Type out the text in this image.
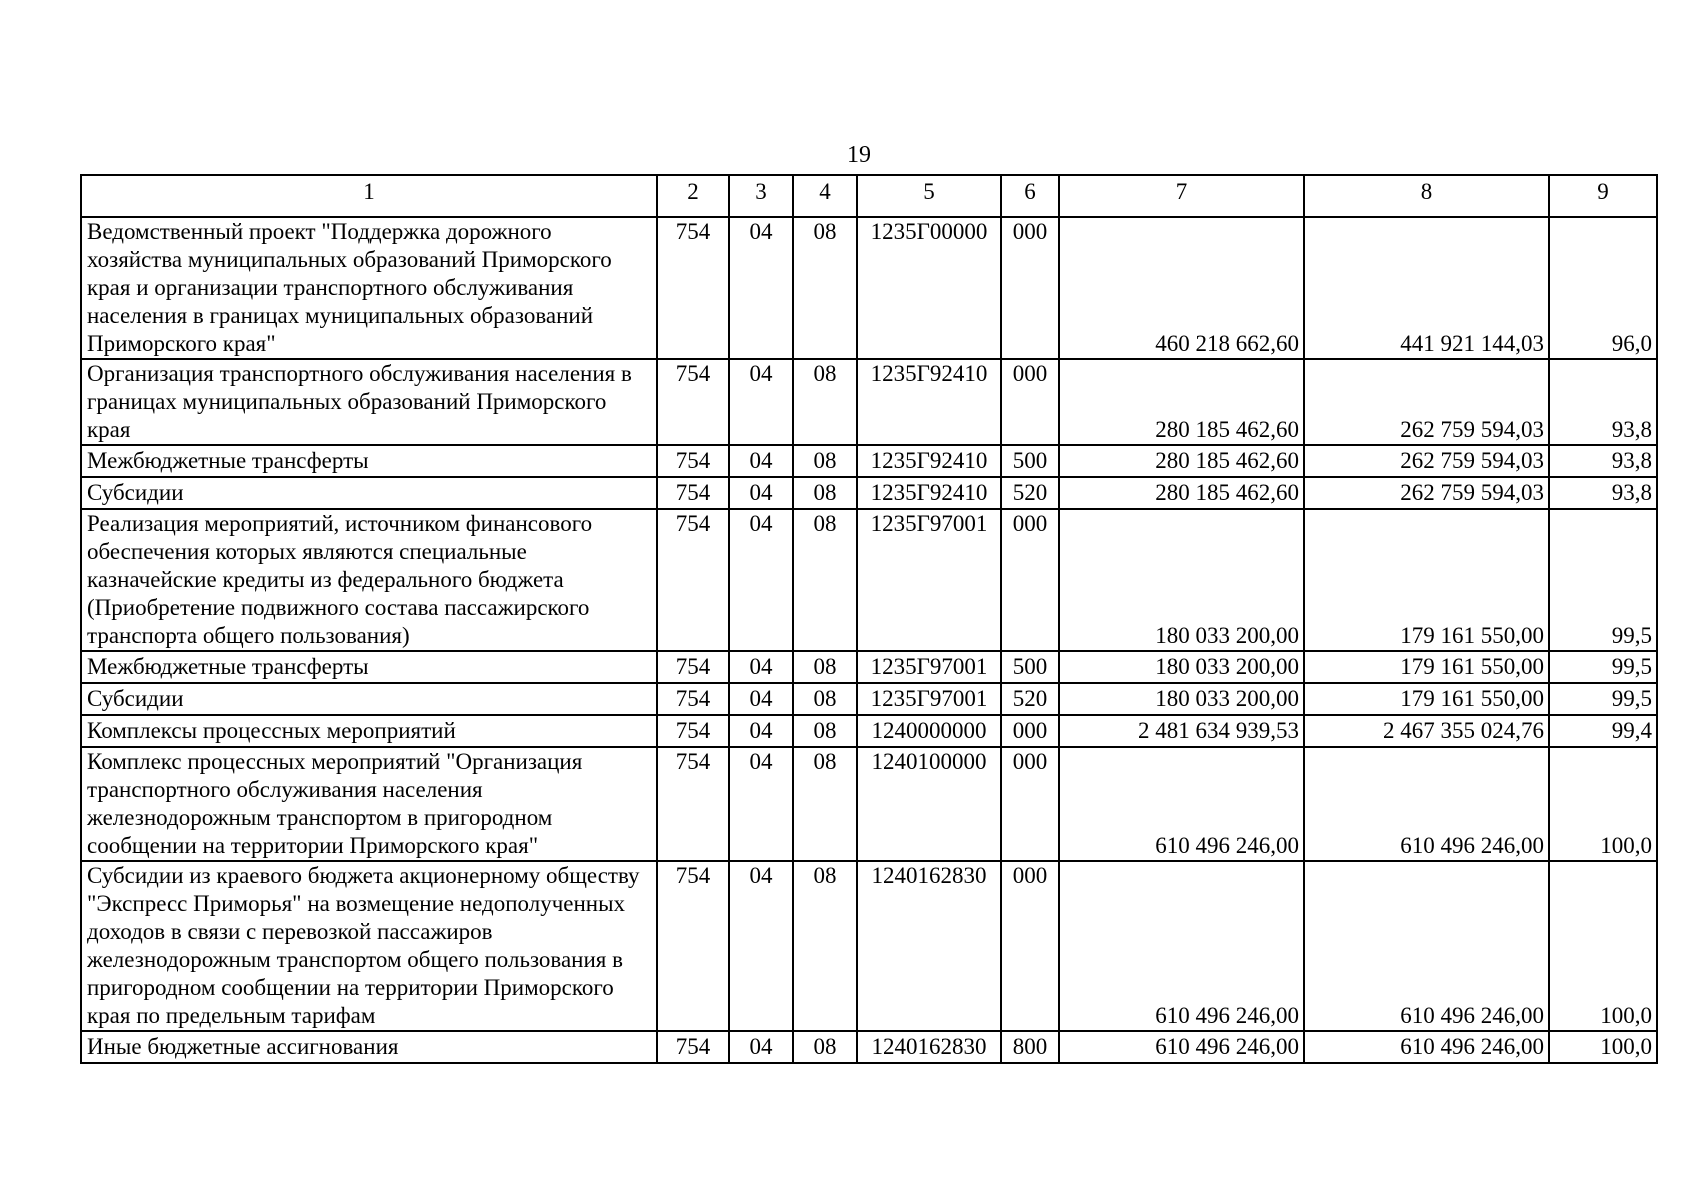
19
1	2	3	4	5	6	7	8	9
Ведомственный проект "Поддержка дорожного хозяйства муниципальных образований Приморского края и организации транспортного обслуживания населения в границах муниципальных образований Приморского края"	754	04	08	1235Г00000	000	460 218 662,60	441 921 144,03	96,0
Организация транспортного обслуживания населения в границах муниципальных образований Приморского края	754	04	08	1235Г92410	000	280 185 462,60	262 759 594,03	93,8
Межбюджетные трансферты	754	04	08	1235Г92410	500	280 185 462,60	262 759 594,03	93,8
Субсидии	754	04	08	1235Г92410	520	280 185 462,60	262 759 594,03	93,8
Реализация мероприятий, источником финансового обеспечения которых являются специальные казначейские кредиты из федерального бюджета (Приобретение подвижного состава пассажирского транспорта общего пользования)	754	04	08	1235Г97001	000	180 033 200,00	179 161 550,00	99,5
Межбюджетные трансферты	754	04	08	1235Г97001	500	180 033 200,00	179 161 550,00	99,5
Субсидии	754	04	08	1235Г97001	520	180 033 200,00	179 161 550,00	99,5
Комплексы процессных мероприятий	754	04	08	1240000000	000	2 481 634 939,53	2 467 355 024,76	99,4
Комплекс процессных мероприятий "Организация транспортного обслуживания населения железнодорожным транспортом в пригородном сообщении на территории Приморского края"	754	04	08	1240100000	000	610 496 246,00	610 496 246,00	100,0
Субсидии из краевого бюджета акционерному обществу "Экспресс Приморья" на возмещение недополученных доходов в связи с перевозкой пассажиров железнодорожным транспортом общего пользования в пригородном сообщении на территории Приморского края по предельным тарифам	754	04	08	1240162830	000	610 496 246,00	610 496 246,00	100,0
Иные бюджетные ассигнования	754	04	08	1240162830	800	610 496 246,00	610 496 246,00	100,0
